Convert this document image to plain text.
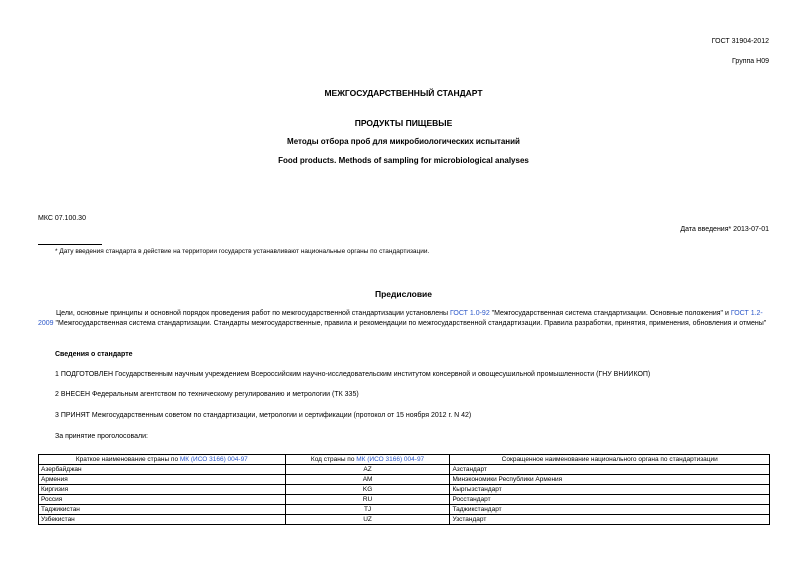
ГОСТ 31904-2012
Группа Н09
МЕЖГОСУДАРСТВЕННЫЙ СТАНДАРТ
ПРОДУКТЫ ПИЩЕВЫЕ
Методы отбора проб для микробиологических испытаний
Food products. Methods of sampling for microbiological analyses
МКС 07.100.30
Дата введения* 2013-07-01
* Дату введения стандарта в действие на территории государств устанавливают национальные органы по стандартизации.
Предисловие
Цели, основные принципы и основной порядок проведения работ по межгосударственной стандартизации установлены ГОСТ 1.0-92 "Межгосударственная система стандартизации. Основные положения" и ГОСТ 1.2-2009 "Межгосударственная система стандартизации. Стандарты межгосударственные, правила и рекомендации по межгосударственной стандартизации. Правила разработки, принятия, применения, обновления и отмены"
Сведения о стандарте
1 ПОДГОТОВЛЕН Государственным научным учреждением Всероссийским научно-исследовательским институтом консервной и овощесушильной промышленности (ГНУ ВНИИКОП)
2 ВНЕСЕН Федеральным агентством по техническому регулированию и метрологии (ТК 335)
3 ПРИНЯТ Межгосударственным советом по стандартизации, метрологии и сертификации (протокол от 15 ноября 2012 г. N 42)
За принятие проголосовали:
Краткое наименование страны по МК (ИСО 3166) 004-97	Код страны по МК (ИСО 3166) 004-97	Сокращенное наименование национального органа по стандартизации
Азербайджан	AZ	Азстандарт
Армения	AM	Минэкономики Республики Армения
Киргизия	KG	Кыргызстандарт
Россия	RU	Росстандарт
Таджикистан	TJ	Таджикстандарт
Узбекистан	UZ	Узстандарт
